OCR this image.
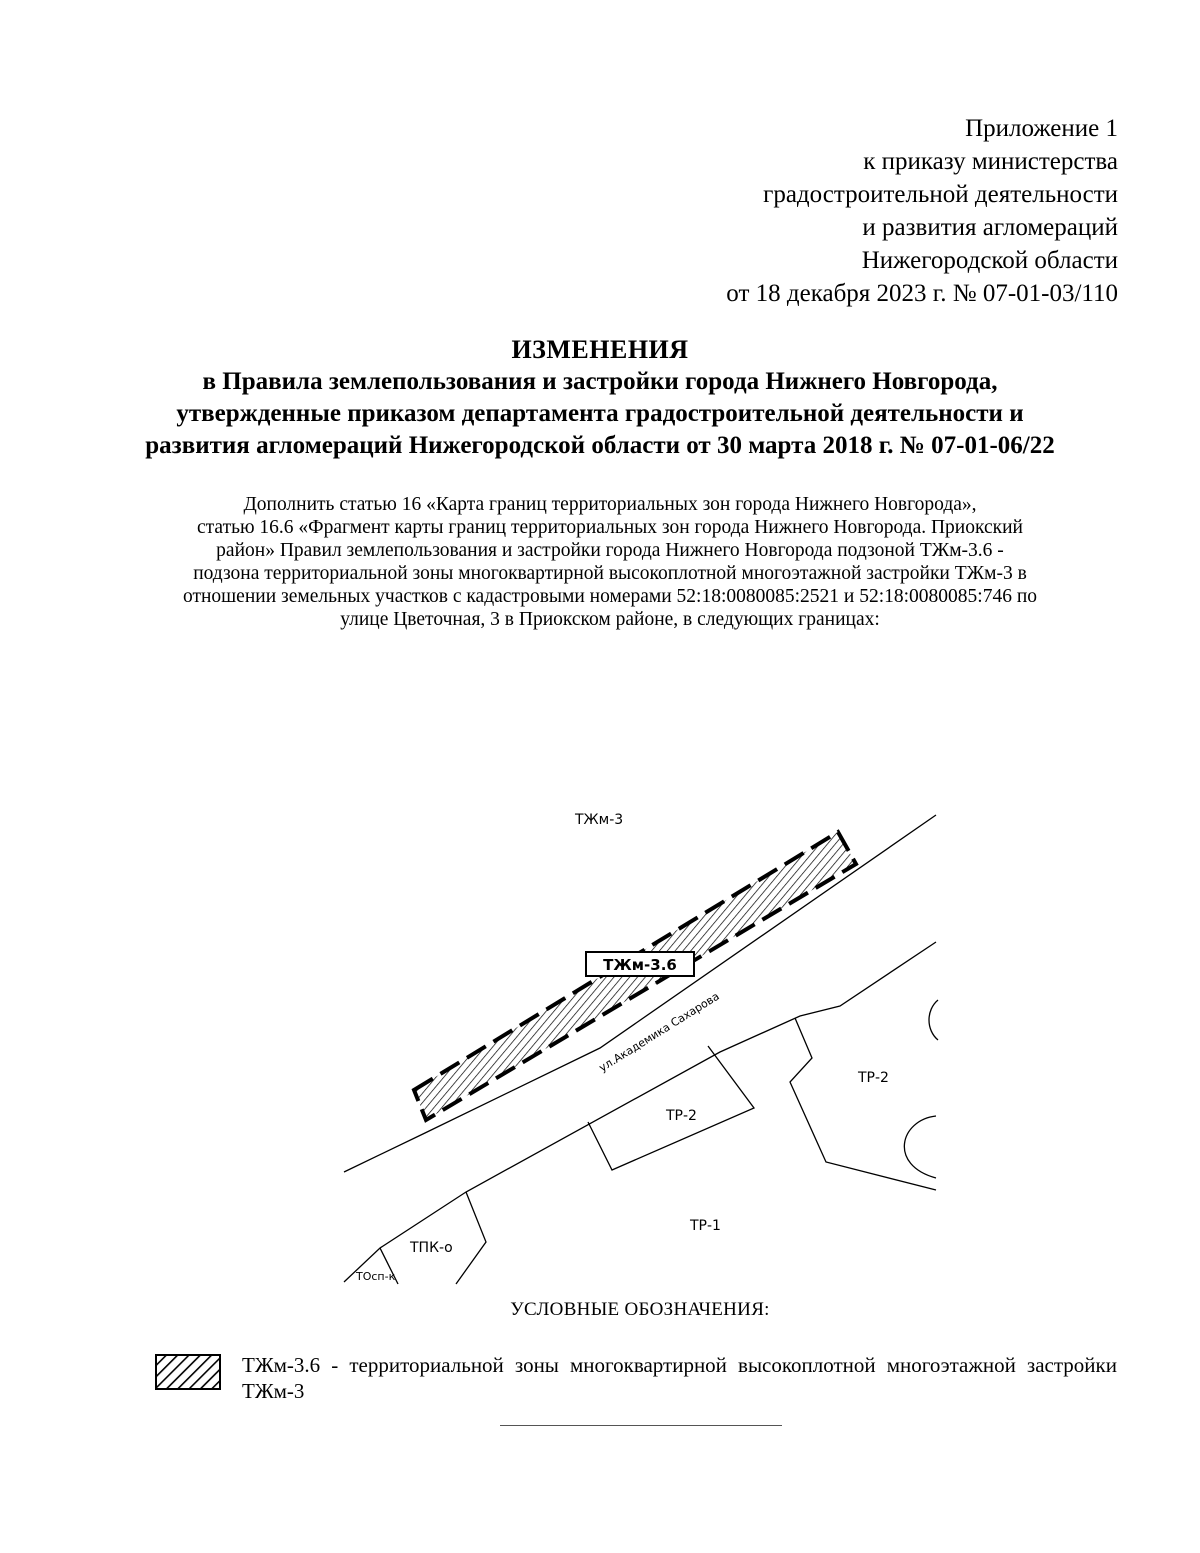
Приложение 1
к приказу министерства
градостроительной деятельности
и развития агломераций
Нижегородской области
от 18 декабря 2023 г. № 07-01-03/110
ИЗМЕНЕНИЯ
в Правила землепользования и застройки города Нижнего Новгорода,
утвержденные приказом департамента градостроительной деятельности и
развития агломераций Нижегородской области от 30 марта 2018 г. № 07-01-06/22
Дополнить статью 16 «Карта границ территориальных зон города Нижнего Новгорода»,
статью 16.6 «Фрагмент карты границ территориальных зон города Нижнего Новгорода. Приокский
район» Правил землепользования и застройки города Нижнего Новгорода подзоной ТЖм-3.6 -
подзона территориальной зоны многоквартирной высокоплотной многоэтажной застройки ТЖм-3 в
отношении земельных участков с кадастровыми номерами 52:18:0080085:2521 и 52:18:0080085:746 по
улице Цветочная, 3 в Приокском районе, в следующих границах:
ТЖм-3
ТЖм-3.6
ул.Академика Сахарова
ТР-2
ТР-2
ТР-1
ТПК-о
ТОсп-к
УСЛОВНЫЕ ОБОЗНАЧЕНИЯ:
ТЖм-3.6 - территориальной зоны многоквартирной высокоплотной многоэтажной застройки ТЖм-3
